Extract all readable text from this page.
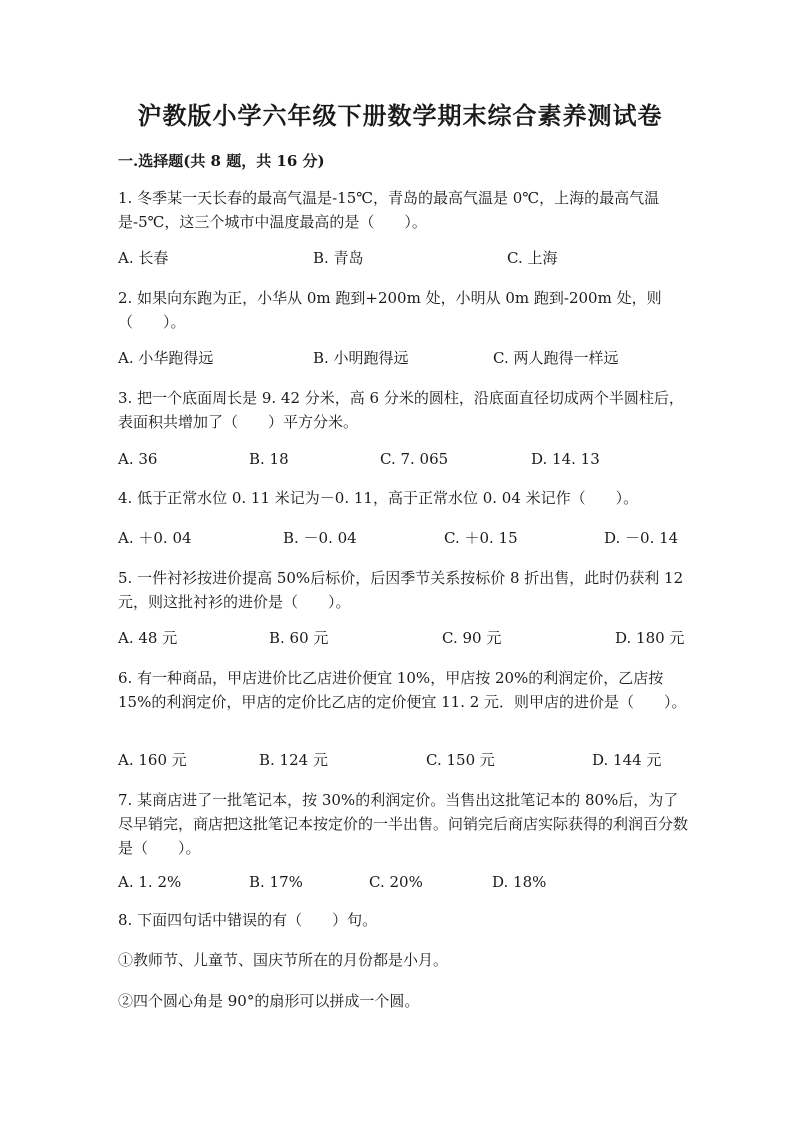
沪教版小学六年级下册数学期末综合素养测试卷
一.选择题(共 8 题，共 16 分)
1. 冬季某一天长春的最高气温是-15℃，青岛的最高气温是 0℃，上海的最高气温是-5℃，这三个城市中温度最高的是（　　）。
A. 长春	B. 青岛	C. 上海
2. 如果向东跑为正，小华从 0m 跑到+200m 处，小明从 0m 跑到-200m 处，则（　　）。
A. 小华跑得远	B. 小明跑得远	C. 两人跑得一样远
3. 把一个底面周长是 9. 42 分米，高 6 分米的圆柱，沿底面直径切成两个半圆柱后，表面积共增加了（　　）平方分米。
A. 36	B. 18	C. 7. 065	D. 14. 13
4. 低于正常水位 0. 11 米记为－0. 11，高于正常水位 0. 04 米记作（　　）。
A. ＋0. 04	B. －0. 04	C. ＋0. 15	D. －0. 14
5. 一件衬衫按进价提高 50%后标价，后因季节关系按标价 8 折出售，此时仍获利 12 元，则这批衬衫的进价是（　　）。
A. 48 元	B. 60 元	C. 90 元	D. 180 元
6. 有一种商品，甲店进价比乙店进价便宜 10%，甲店按 20%的利润定价，乙店按 15%的利润定价，甲店的定价比乙店的定价便宜 11. 2 元．则甲店的进价是（　　）。
A. 160 元	B. 124 元	C. 150 元	D. 144 元
7. 某商店进了一批笔记本，按 30%的利润定价。当售出这批笔记本的 80%后，为了尽早销完，商店把这批笔记本按定价的一半出售。问销完后商店实际获得的利润百分数是（　　）。
A. 1. 2%	B. 17%	C. 20%	D. 18%
8. 下面四句话中错误的有（　　）句。
①教师节、儿童节、国庆节所在的月份都是小月。
②四个圆心角是 90°的扇形可以拼成一个圆。
